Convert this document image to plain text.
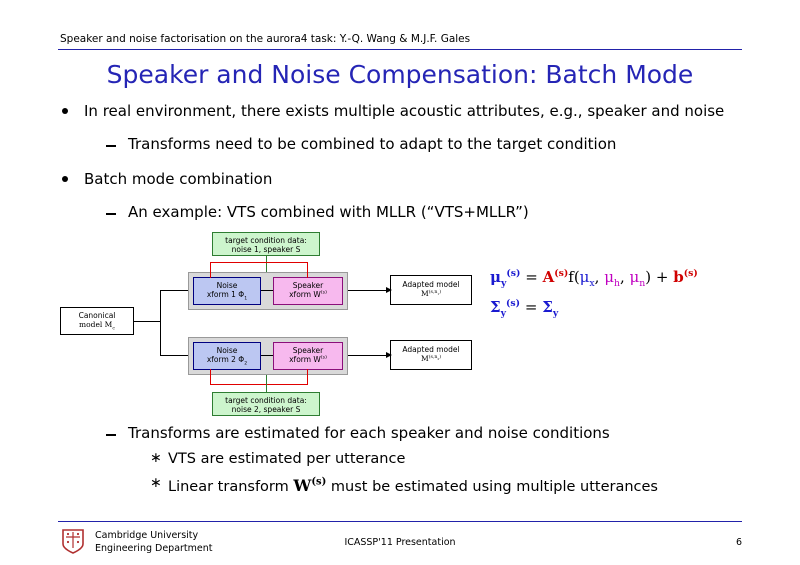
Speaker and noise factorisation on the aurora4 task: Y.-Q. Wang & M.J.F. Gales
Speaker and Noise Compensation: Batch Mode
In real environment, there exists multiple acoustic attributes, e.g., speaker and noise
Transforms need to be combined to adapt to the target condition
Batch mode combination
An example: VTS combined with MLLR (“VTS+MLLR”)
target condition data:
noise 1, speaker S
Noise
xform 1 $\Phi_1$
Speaker
xform $W^{(s)}$
Adapted model
$M^{(s,n_1)}$
Noise
xform 2 $\Phi_2$
Speaker
xform $W^{(s)}$
Adapted model
$M^{(s,n_2)}$
target condition data:
noise 2, speaker S
Canonical
model $M_c$
$\mu_y^{(s)} = A^{(s)}f(\mu_x$, $\mu_h$, $\mu_n) + b^{(s)}$
$\Sigma_y^{(s)} = \Sigma_y$
Transforms are estimated for each speaker and noise conditions
∗ VTS are estimated per utterance
∗ Linear transform $W^{(s)}$ must be estimated using multiple utterances
Cambridge University
Engineering Department
ICASSP'11 Presentation	6
